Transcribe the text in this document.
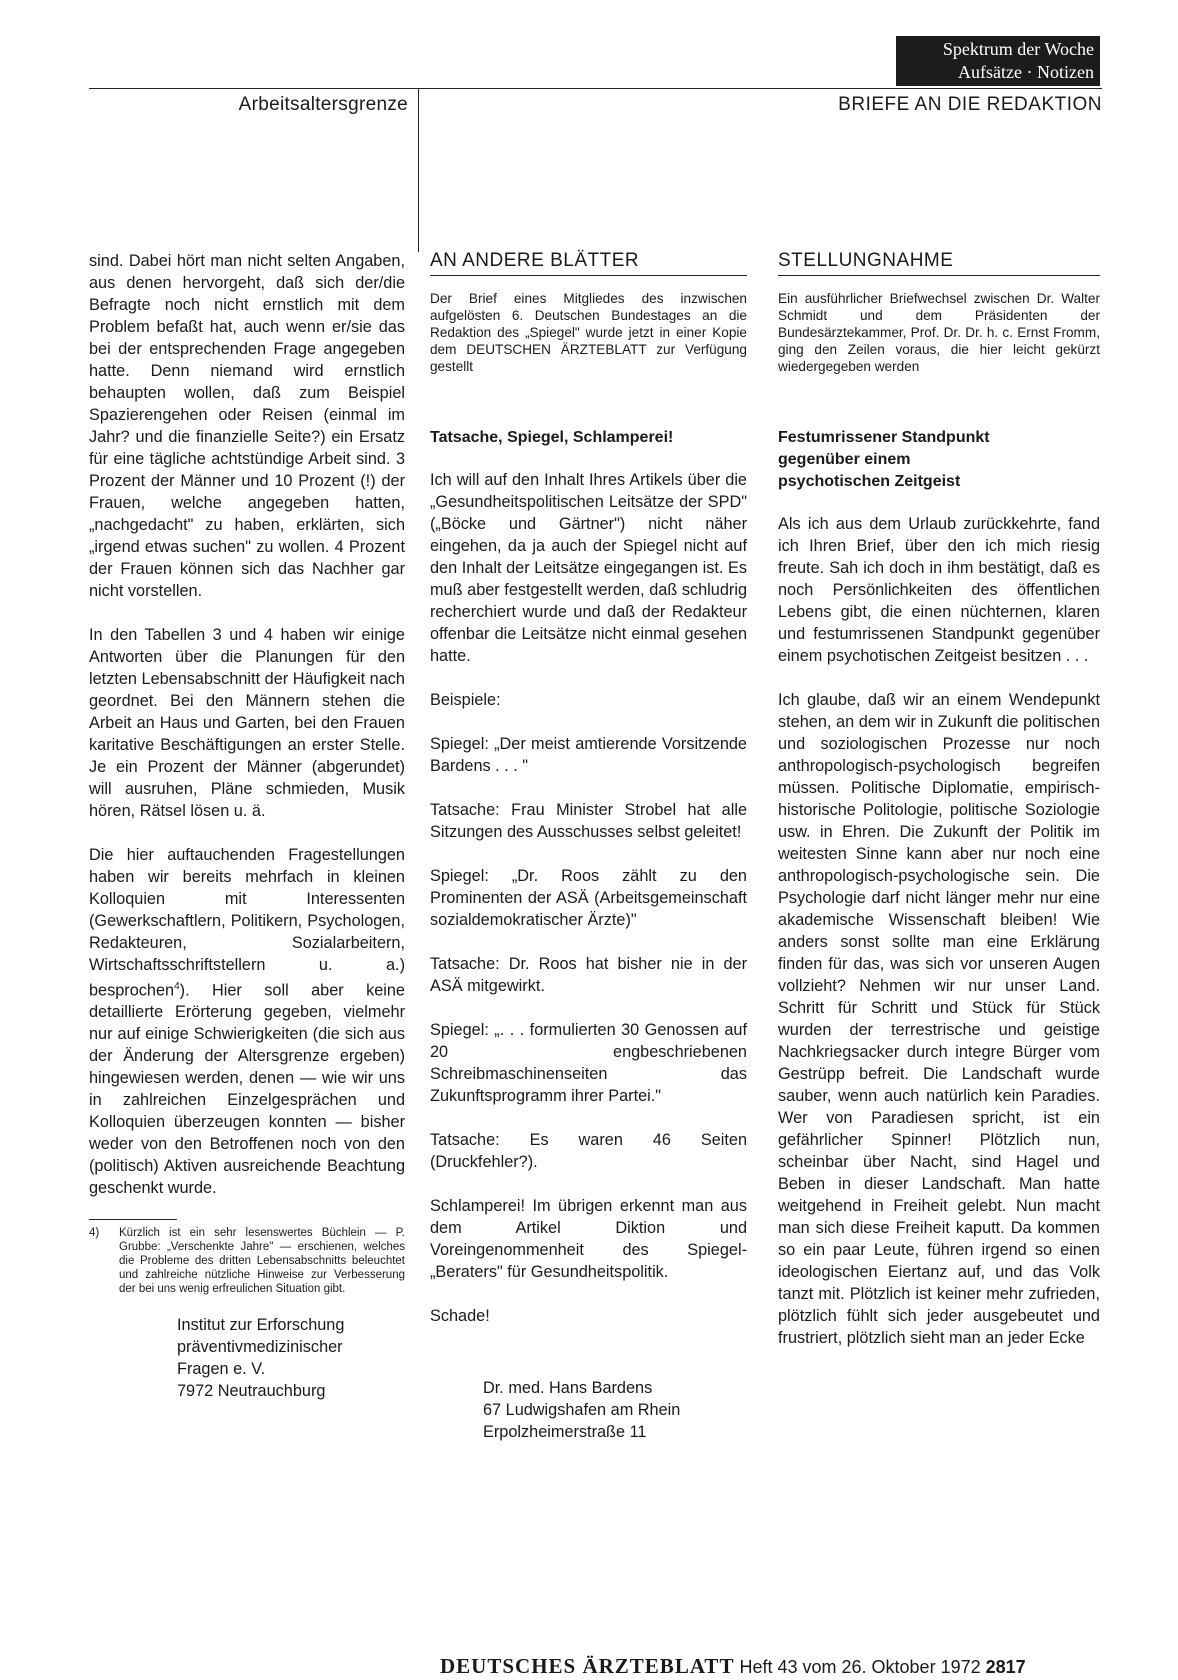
Spektrum der Woche
Aufsätze · Notizen
Arbeitsaltersgrenze	BRIEFE AN DIE REDAKTION

sind. Dabei hört man nicht selten Angaben, aus denen hervorgeht, daß sich der/die Befragte noch nicht ernstlich mit dem Problem befaßt hat, auch wenn er/sie das bei der entsprechenden Frage angegeben hatte. Denn niemand wird ernstlich behaupten wollen, daß zum Beispiel Spazierengehen oder Reisen (einmal im Jahr? und die finanzielle Seite?) ein Ersatz für eine tägliche achtstündige Arbeit sind. 3 Prozent der Männer und 10 Prozent (!) der Frauen, welche angegeben hatten, „nachgedacht" zu haben, erklärten, sich „irgend etwas suchen" zu wollen. 4 Prozent der Frauen können sich das Nachher gar nicht vorstellen.

In den Tabellen 3 und 4 haben wir einige Antworten über die Planungen für den letzten Lebensabschnitt der Häufigkeit nach geordnet. Bei den Männern stehen die Arbeit an Haus und Garten, bei den Frauen karitative Beschäftigungen an erster Stelle. Je ein Prozent der Männer (abgerundet) will ausruhen, Pläne schmieden, Musik hören, Rätsel lösen u. ä.

Die hier auftauchenden Fragestellungen haben wir bereits mehrfach in kleinen Kolloquien mit Interessenten (Gewerkschaftlern, Politikern, Psychologen, Redakteuren, Sozialarbeitern, Wirtschaftsschriftstellern u. a.) besprochen$^4$). Hier soll aber keine detaillierte Erörterung gegeben, vielmehr nur auf einige Schwierigkeiten (die sich aus der Änderung der Altersgrenze ergeben) hingewiesen werden, denen — wie wir uns in zahlreichen Einzelgesprächen und Kolloquien überzeugen konnten — bisher weder von den Betroffenen noch von den (politisch) Aktiven ausreichende Beachtung geschenkt wurde.

4) Kürzlich ist ein sehr lesenswertes Büchlein — P. Grubbe: „Verschenkte Jahre" — erschienen, welches die Probleme des dritten Lebensabschnitts beleuchtet und zahlreiche nützliche Hinweise zur Verbesserung der bei uns wenig erfreulichen Situation gibt.
Institut zur Erforschung
präventivmedizinischer
Fragen e. V.
7972 Neutrauchburg
AN ANDERE BLÄTTER

Der Brief eines Mitgliedes des inzwischen aufgelösten 6. Deutschen Bundestages an die Redaktion des „Spiegel" wurde jetzt in einer Kopie dem DEUTSCHEN ÄRZTEBLATT zur Verfügung gestellt

Tatsache, Spiegel, Schlamperei!

Ich will auf den Inhalt Ihres Artikels über die „Gesundheitspolitischen Leitsätze der SPD" („Böcke und Gärtner") nicht näher eingehen, da ja auch der Spiegel nicht auf den Inhalt der Leitsätze eingegangen ist. Es muß aber festgestellt werden, daß schludrig recherchiert wurde und daß der Redakteur offenbar die Leitsätze nicht einmal gesehen hatte.

Beispiele:

Spiegel: „Der meist amtierende Vorsitzende Bardens . . . "

Tatsache: Frau Minister Strobel hat alle Sitzungen des Ausschusses selbst geleitet!

Spiegel: „Dr. Roos zählt zu den Prominenten der ASÄ (Arbeitsgemeinschaft sozialdemokratischer Ärzte)"

Tatsache: Dr. Roos hat bisher nie in der ASÄ mitgewirkt.

Spiegel: „. . . formulierten 30 Genossen auf 20 engbeschriebenen Schreibmaschinenseiten das Zukunftsprogramm ihrer Partei."

Tatsache: Es waren 46 Seiten (Druckfehler?).

Schlamperei! Im übrigen erkennt man aus dem Artikel Diktion und Voreingenommenheit des Spiegel-„Beraters" für Gesundheitspolitik.

Schade!

Dr. med. Hans Bardens
67 Ludwigshafen am Rhein
Erpolzheimerstraße 11
STELLUNGNAHME

Ein ausführlicher Briefwechsel zwischen Dr. Walter Schmidt und dem Präsidenten der Bundesärztekammer, Prof. Dr. Dr. h. c. Ernst Fromm, ging den Zeilen voraus, die hier leicht gekürzt wiedergegeben werden

Festumrissener Standpunkt
gegenüber einem
psychotischen Zeitgeist

Als ich aus dem Urlaub zurückkehrte, fand ich Ihren Brief, über den ich mich riesig freute. Sah ich doch in ihm bestätigt, daß es noch Persönlichkeiten des öffentlichen Lebens gibt, die einen nüchternen, klaren und festumrissenen Standpunkt gegenüber einem psychotischen Zeitgeist besitzen . . .

Ich glaube, daß wir an einem Wendepunkt stehen, an dem wir in Zukunft die politischen und soziologischen Prozesse nur noch anthropologisch-psychologisch begreifen müssen. Politische Diplomatie, empirisch-historische Politologie, politische Soziologie usw. in Ehren. Die Zukunft der Politik im weitesten Sinne kann aber nur noch eine anthropologisch-psychologische sein. Die Psychologie darf nicht länger mehr nur eine akademische Wissenschaft bleiben! Wie anders sonst sollte man eine Erklärung finden für das, was sich vor unseren Augen vollzieht? Nehmen wir nur unser Land. Schritt für Schritt und Stück für Stück wurden der terrestrische und geistige Nachkriegsacker durch integre Bürger vom Gestrüpp befreit. Die Landschaft wurde sauber, wenn auch natürlich kein Paradies. Wer von Paradiesen spricht, ist ein gefährlicher Spinner! Plötzlich nun, scheinbar über Nacht, sind Hagel und Beben in dieser Landschaft. Man hatte weitgehend in Freiheit gelebt. Nun macht man sich diese Freiheit kaputt. Da kommen so ein paar Leute, führen irgend so einen ideologischen Eiertanz auf, und das Volk tanzt mit. Plötzlich ist keiner mehr zufrieden, plötzlich fühlt sich jeder ausgebeutet und frustriert, plötzlich sieht man an jeder Ecke

DEUTSCHES ÄRZTEBLATT Heft 43 vom 26. Oktober 1972 2817
